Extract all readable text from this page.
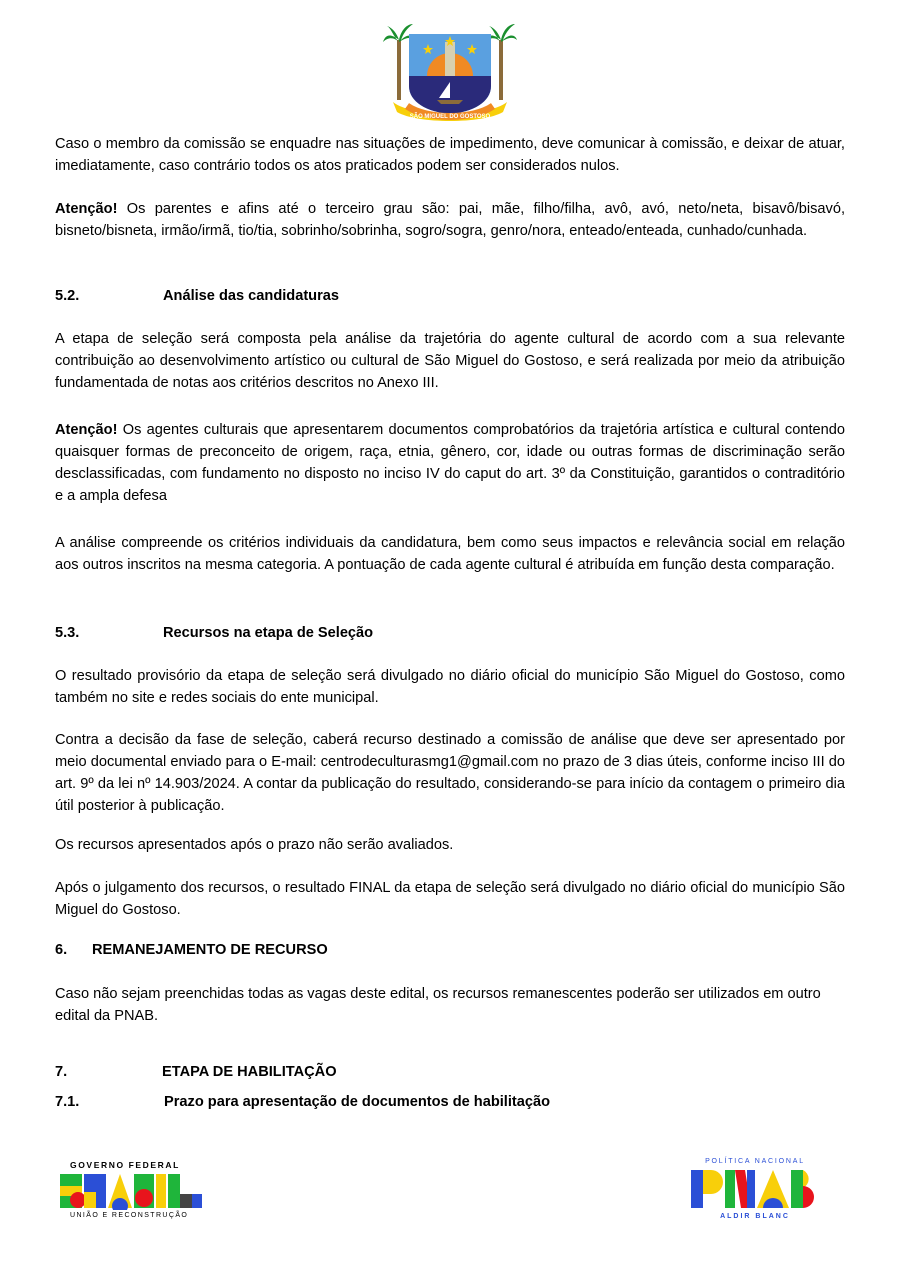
SÃO MIGUEL DO GOSTOSO

Caso o membro da comissão se enquadre nas situações de impedimento, deve comunicar à comissão, e deixar de atuar, imediatamente, caso contrário todos os atos praticados podem ser considerados nulos.

Atenção! Os parentes e afins até o terceiro grau são: pai, mãe, filho/filha, avô, avó, neto/neta, bisavô/bisavó, bisneto/bisneta, irmão/irmã, tio/tia, sobrinho/sobrinha, sogro/sogra, genro/nora, enteado/enteada, cunhado/cunhada.

5.2.	Análise das candidaturas

A etapa de seleção será composta pela análise da trajetória do agente cultural de acordo com a sua relevante contribuição ao desenvolvimento artístico ou cultural de São Miguel do Gostoso, e será realizada por meio da atribuição fundamentada de notas aos critérios descritos no Anexo III.

Atenção! Os agentes culturais que apresentarem documentos comprobatórios da trajetória artística e cultural contendo quaisquer formas de preconceito de origem, raça, etnia, gênero, cor, idade ou outras formas de discriminação serão desclassificadas, com fundamento no disposto no inciso IV do caput do art. 3º da Constituição, garantidos o contraditório e a ampla defesa

A análise compreende os critérios individuais da candidatura, bem como seus impactos e relevância social em relação aos outros inscritos na mesma categoria. A pontuação de cada agente cultural é atribuída em função desta comparação.

5.3.	Recursos na etapa de Seleção

O resultado provisório da etapa de seleção será divulgado no diário oficial do município São Miguel do Gostoso, como também no site e redes sociais do ente municipal.

Contra a decisão da fase de seleção, caberá recurso destinado a comissão de análise que deve ser apresentado por meio documental enviado para o E-mail: centrodeculturasmg1@gmail.com no prazo de 3 dias úteis, conforme inciso III do art. 9º da lei nº 14.903/2024. A contar da publicação do resultado, considerando-se para início da contagem o primeiro dia útil posterior à publicação.

Os recursos apresentados após o prazo não serão avaliados.

Após o julgamento dos recursos, o resultado FINAL da etapa de seleção será divulgado no diário oficial do município São Miguel do Gostoso.

6. REMANEJAMENTO DE RECURSO

Caso não sejam preenchidas todas as vagas deste edital, os recursos remanescentes poderão ser utilizados em outro edital da PNAB.

7.	ETAPA DE HABILITAÇÃO
7.1.	Prazo para apresentação de documentos de habilitação
GOVERNO FEDERAL
UNIÃO E RECONSTRUÇÃO
POLÍTICA NACIONAL
ALDIR BLANC
